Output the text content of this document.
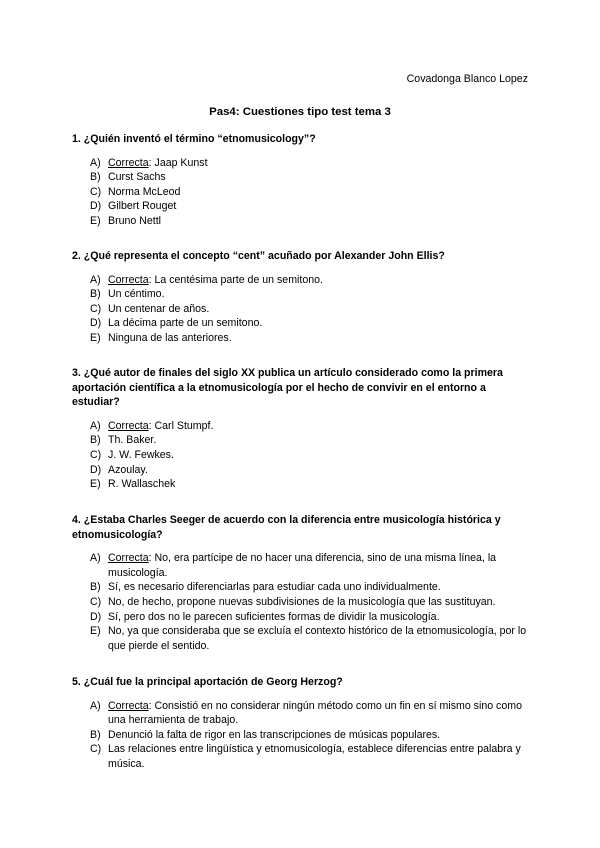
Covadonga Blanco Lopez
Pas4: Cuestiones tipo test tema 3
1. ¿Quién inventó el término “etnomusicology”?
A) Correcta: Jaap Kunst
B) Curst Sachs
C) Norma McLeod
D) Gilbert Rouget
E) Bruno Nettl
2. ¿Qué representa el concepto “cent” acuñado por Alexander John Ellis?
A) Correcta: La centésima parte de un semitono.
B) Un céntimo.
C) Un centenar de años.
D) La décima parte de un semitono.
E) Ninguna de las anteriores.
3. ¿Qué autor de finales del siglo XX publica un artículo considerado como la primera aportación científica a la etnomusicología por el hecho de convivir en el entorno a estudiar?
A) Correcta: Carl Stumpf.
B) Th. Baker.
C) J. W. Fewkes.
D) Azoulay.
E) R. Wallaschek
4. ¿Estaba Charles Seeger de acuerdo con la diferencia entre musicología histórica y etnomusicología?
A) Correcta: No, era partícipe de no hacer una diferencia, sino de una misma línea, la musicología.
B) Sí, es necesario diferenciarlas para estudiar cada uno individualmente.
C) No, de hecho, propone nuevas subdivisiones de la musicología que las sustituyan.
D) Sí, pero dos no le parecen suficientes formas de dividir la musicología.
E) No, ya que consideraba que se excluía el contexto histórico de la etnomusicología, por lo que pierde el sentido.
5. ¿Cuál fue la principal aportación de Georg Herzog?
A) Correcta: Consistió en no considerar ningún método como un fin en sí mismo sino como una herramienta de trabajo.
B) Denunció la falta de rigor en las transcripciones de músicas populares.
C) Las relaciones entre lingüística y etnomusicología, establece diferencias entre palabra y música.
